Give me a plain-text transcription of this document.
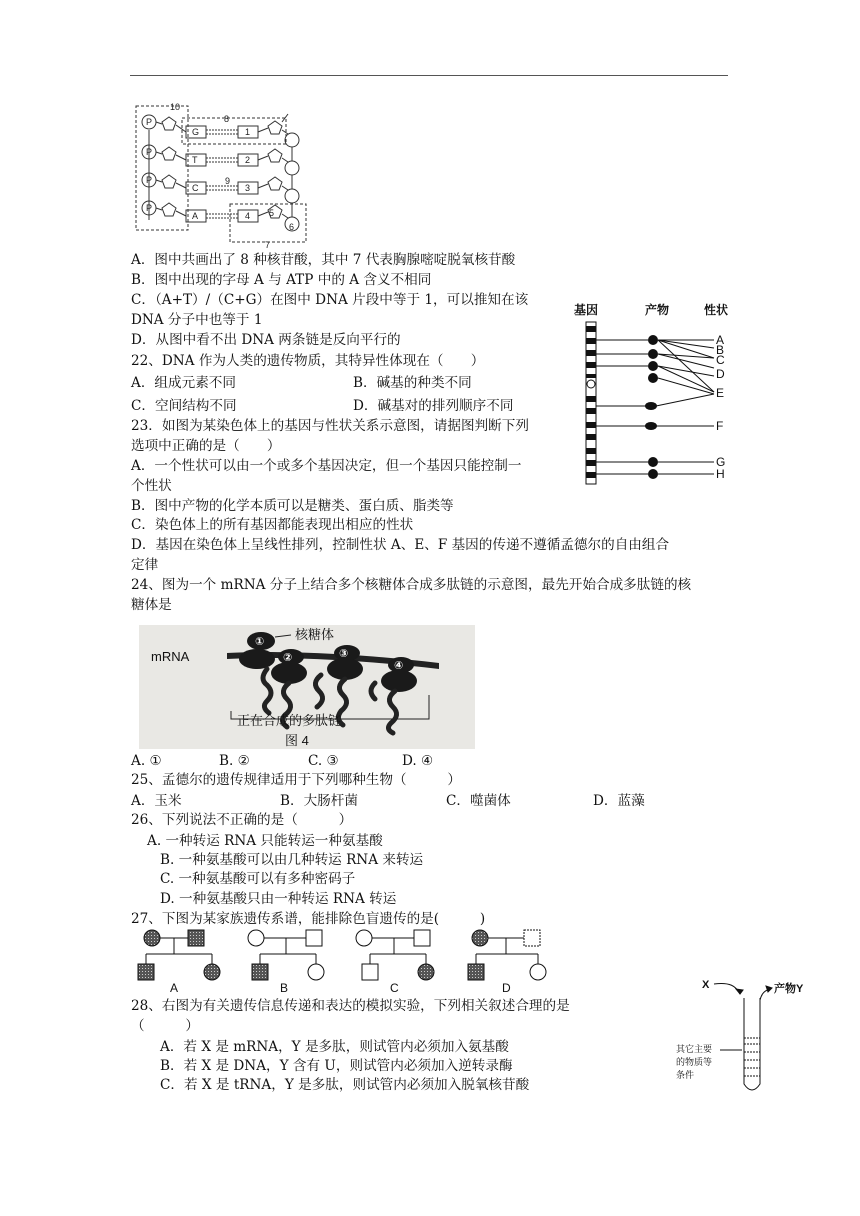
P
P
P
P
G
T
C
A
1
2
3
4
10
8
9
5
6
7
A．图中共画出了 8 种核苷酸，其中 7 代表胸腺嘧啶脱氧核苷酸
B．图中出现的字母 A 与 ATP 中的 A 含义不相同
C．（A+T）/（C+G）在图中 DNA 片段中等于 1，可以推知在该
DNA 分子中也等于 1
D．从图中看不出 DNA 两条链是反向平行的
22、DNA 作为人类的遗传物质，其特异性体现在（　　）
A．组成元素不同	B．碱基的种类不同
C．空间结构不同	D．碱基对的排列顺序不同
23．如图为某染色体上的基因与性状关系示意图，请据图判断下列
选项中正确的是（　　）
A．一个性状可以由一个或多个基因决定，但一个基因只能控制一
个性状
B．图中产物的化学本质可以是糖类、蛋白质、脂类等
C．染色体上的所有基因都能表现出相应的性状
D．基因在染色体上呈线性排列，控制性状 A、E、F 基因的传递不遵循孟德尔的自由组合
定律
基因	产物	性状
A
B
C
D
E
F
G
H
24、图为一个 mRNA 分子上结合多个核糖体合成多肽链的示意图，最先开始合成多肽链的核
糖体是
①
②	③
④
核糖体
mRNA
正在合成的多肽链
图 4
A. ①	B. ②	C. ③	D. ④
25、孟德尔的遗传规律适用于下列哪种生物（　　　）
A．玉米	B．大肠杆菌	C．噬菌体	D．蓝藻
26、下列说法不正确的是（　　　）
A. 一种转运 RNA 只能转运一种氨基酸
B. 一种氨基酸可以由几种转运 RNA 来转运
C. 一种氨基酸可以有多种密码子
D. 一种氨基酸只由一种转运 RNA 转运
27、下图为某家族遗传系谱，能排除色盲遗传的是(　　　)
A	B	C	D
28、右图为有关遗传信息传递和表达的模拟实验，下列相关叙述合理的是
（　　　）
A．若 X 是 mRNA，Y 是多肽，则试管内必须加入氨基酸
B．若 X 是 DNA，Y 含有 U，则试管内必须加入逆转录酶
C．若 X 是 tRNA，Y 是多肽，则试管内必须加入脱氧核苷酸
X	产物Y
其它主要
的物质等
条件
